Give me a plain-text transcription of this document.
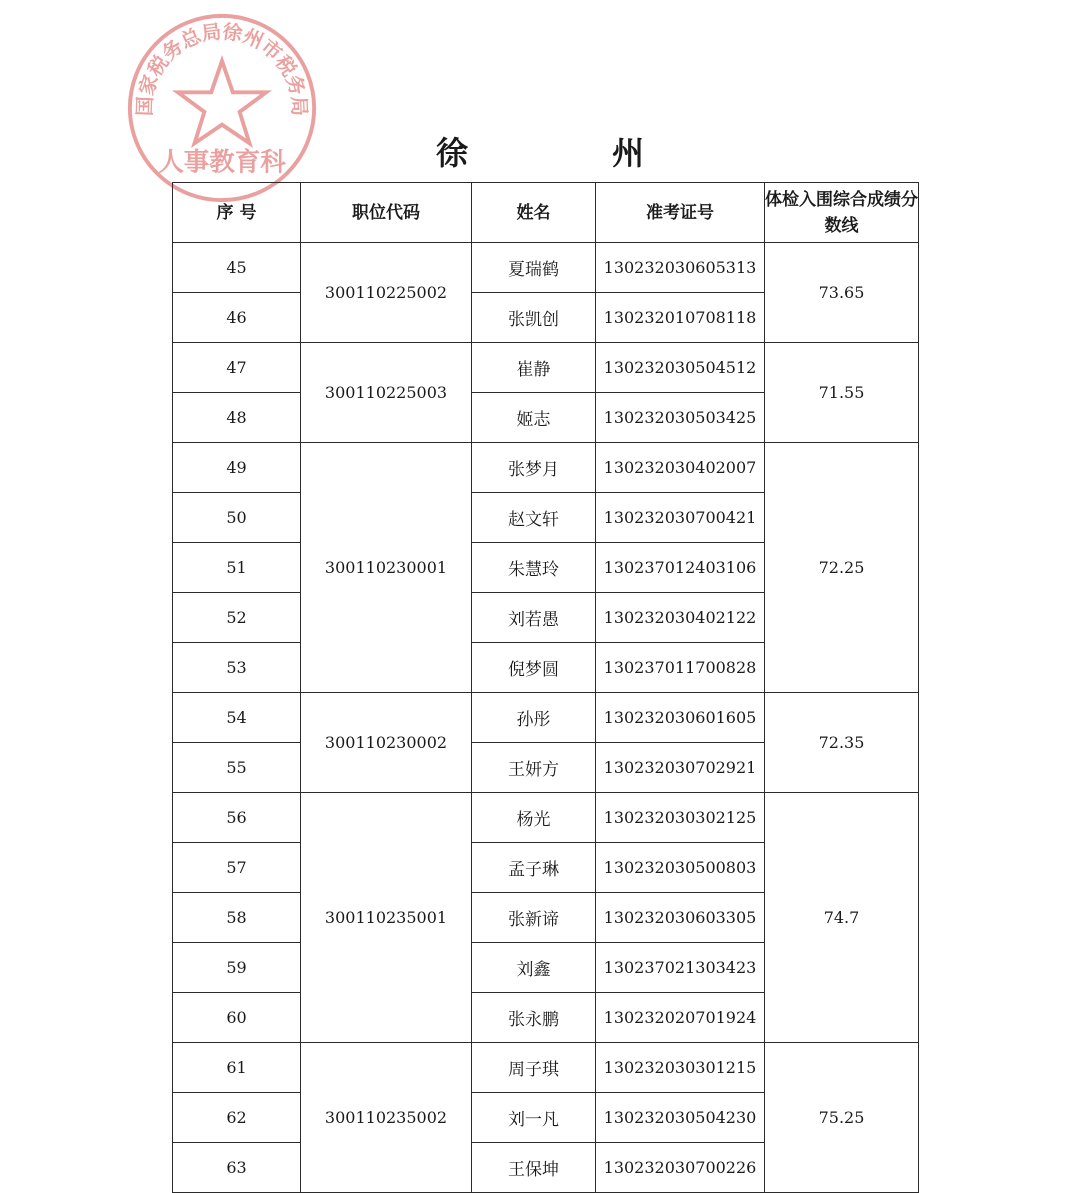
国家税务总局徐州市税务局
人事教育科	徐　州
序 号	职位代码	姓名	准考证号	体检入围综合成绩分数线
45	300110225002	夏瑞鹤	130232030605313	73.65
46		张凯创	130232010708118	
47	300110225003	崔静	130232030504512	71.55
48		姬志	130232030503425	
49	300110230001	张梦月	130232030402007	72.25
50		赵文轩	130232030700421	
51		朱慧玲	130237012403106	
52		刘若愚	130232030402122	
53		倪梦圆	130237011700828	
54	300110230002	孙彤	130232030601605	72.35
55		王妍方	130232030702921	
56	300110235001	杨光	130232030302125	74.7
57		孟子琳	130232030500803	
58		张新谛	130232030603305	
59		刘鑫	130237021303423	
60		张永鹏	130232020701924	
61	300110235002	周子琪	130232030301215	75.25
62		刘一凡	130232030504230	
63		王保坤	130232030700226	
